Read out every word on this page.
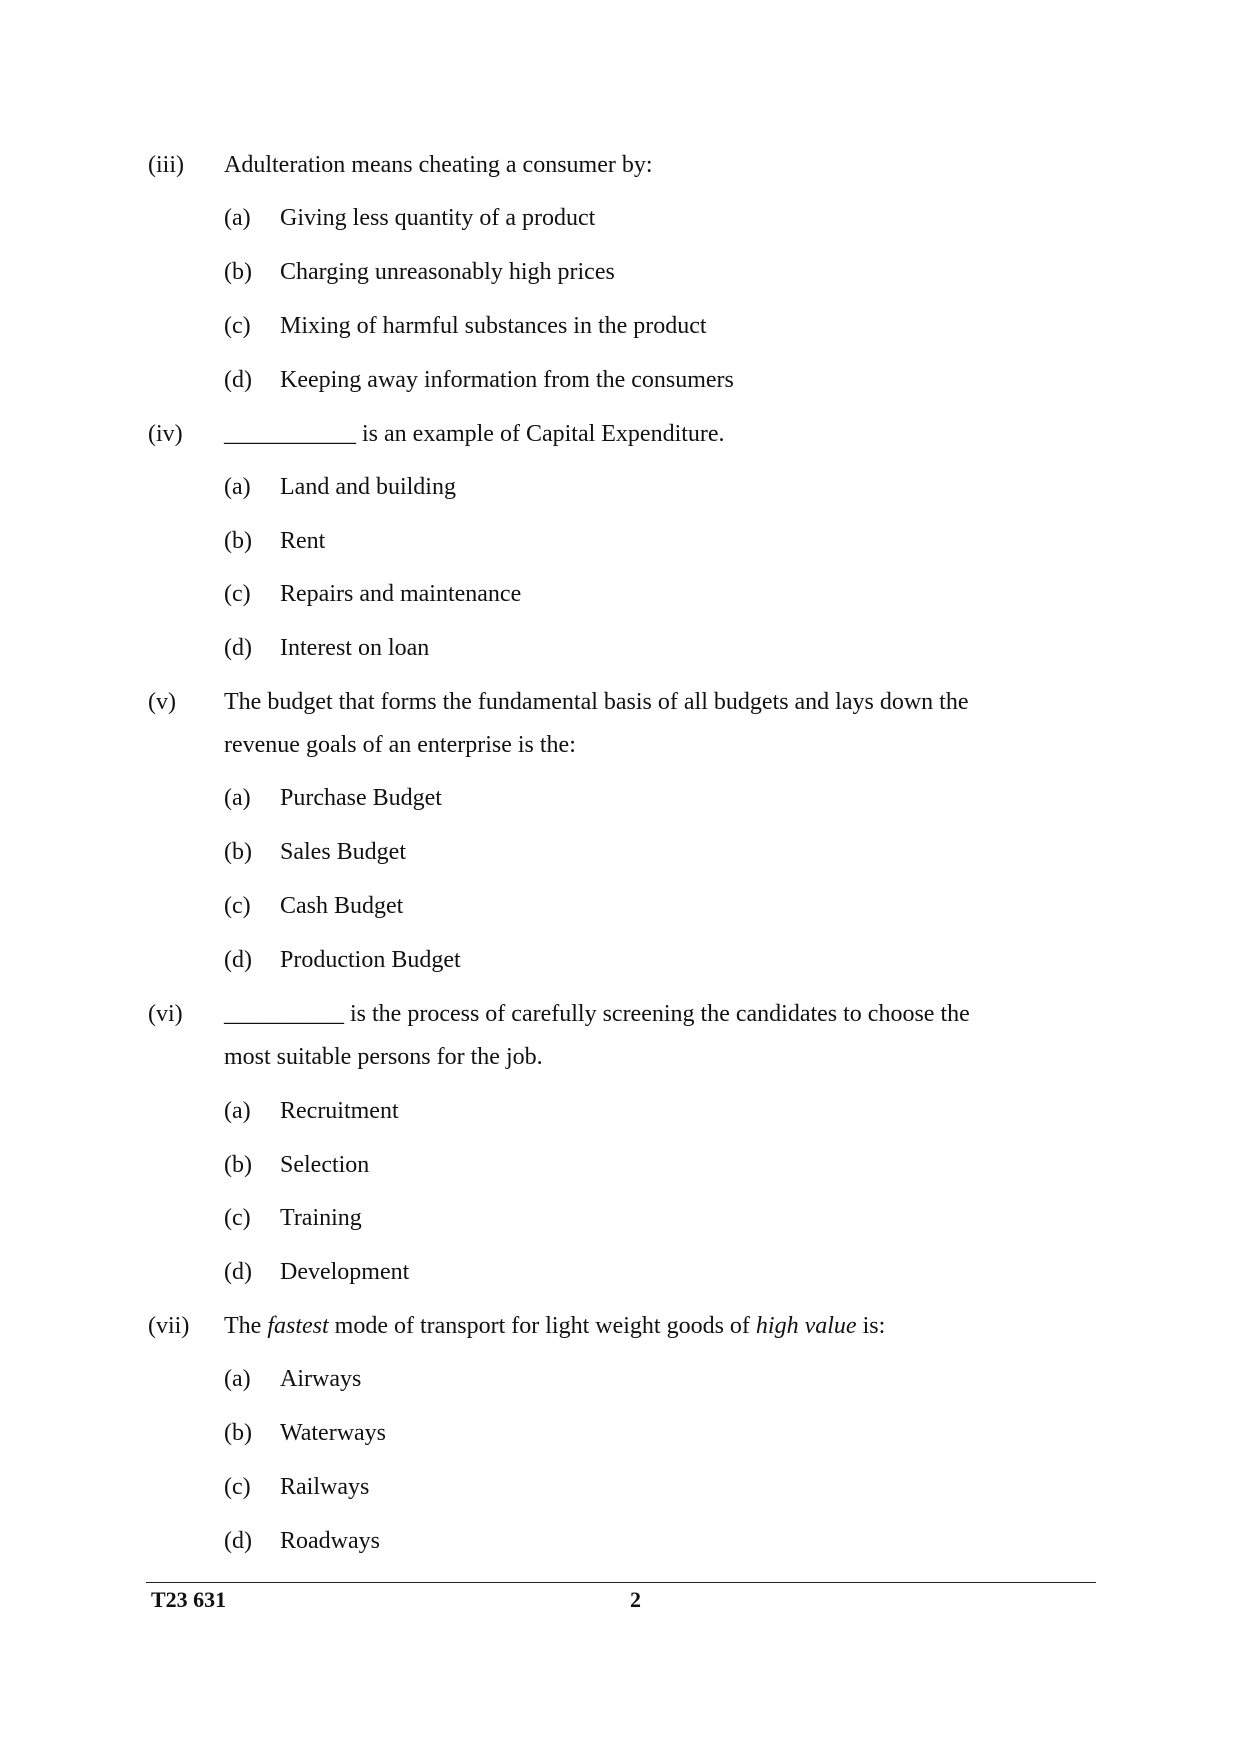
(iii) Adulteration means cheating a consumer by:
(a) Giving less quantity of a product
(b) Charging unreasonably high prices
(c) Mixing of harmful substances in the product
(d) Keeping away information from the consumers
(iv) ___________ is an example of Capital Expenditure.
(a) Land and building
(b) Rent
(c) Repairs and maintenance
(d) Interest on loan
(v) The budget that forms the fundamental basis of all budgets and lays down the revenue goals of an enterprise is the:
(a) Purchase Budget
(b) Sales Budget
(c) Cash Budget
(d) Production Budget
(vi) __________ is the process of carefully screening the candidates to choose the most suitable persons for the job.
(a) Recruitment
(b) Selection
(c) Training
(d) Development
(vii) The fastest mode of transport for light weight goods of high value is:
(a) Airways
(b) Waterways
(c) Railways
(d) Roadways
T23 631	2
